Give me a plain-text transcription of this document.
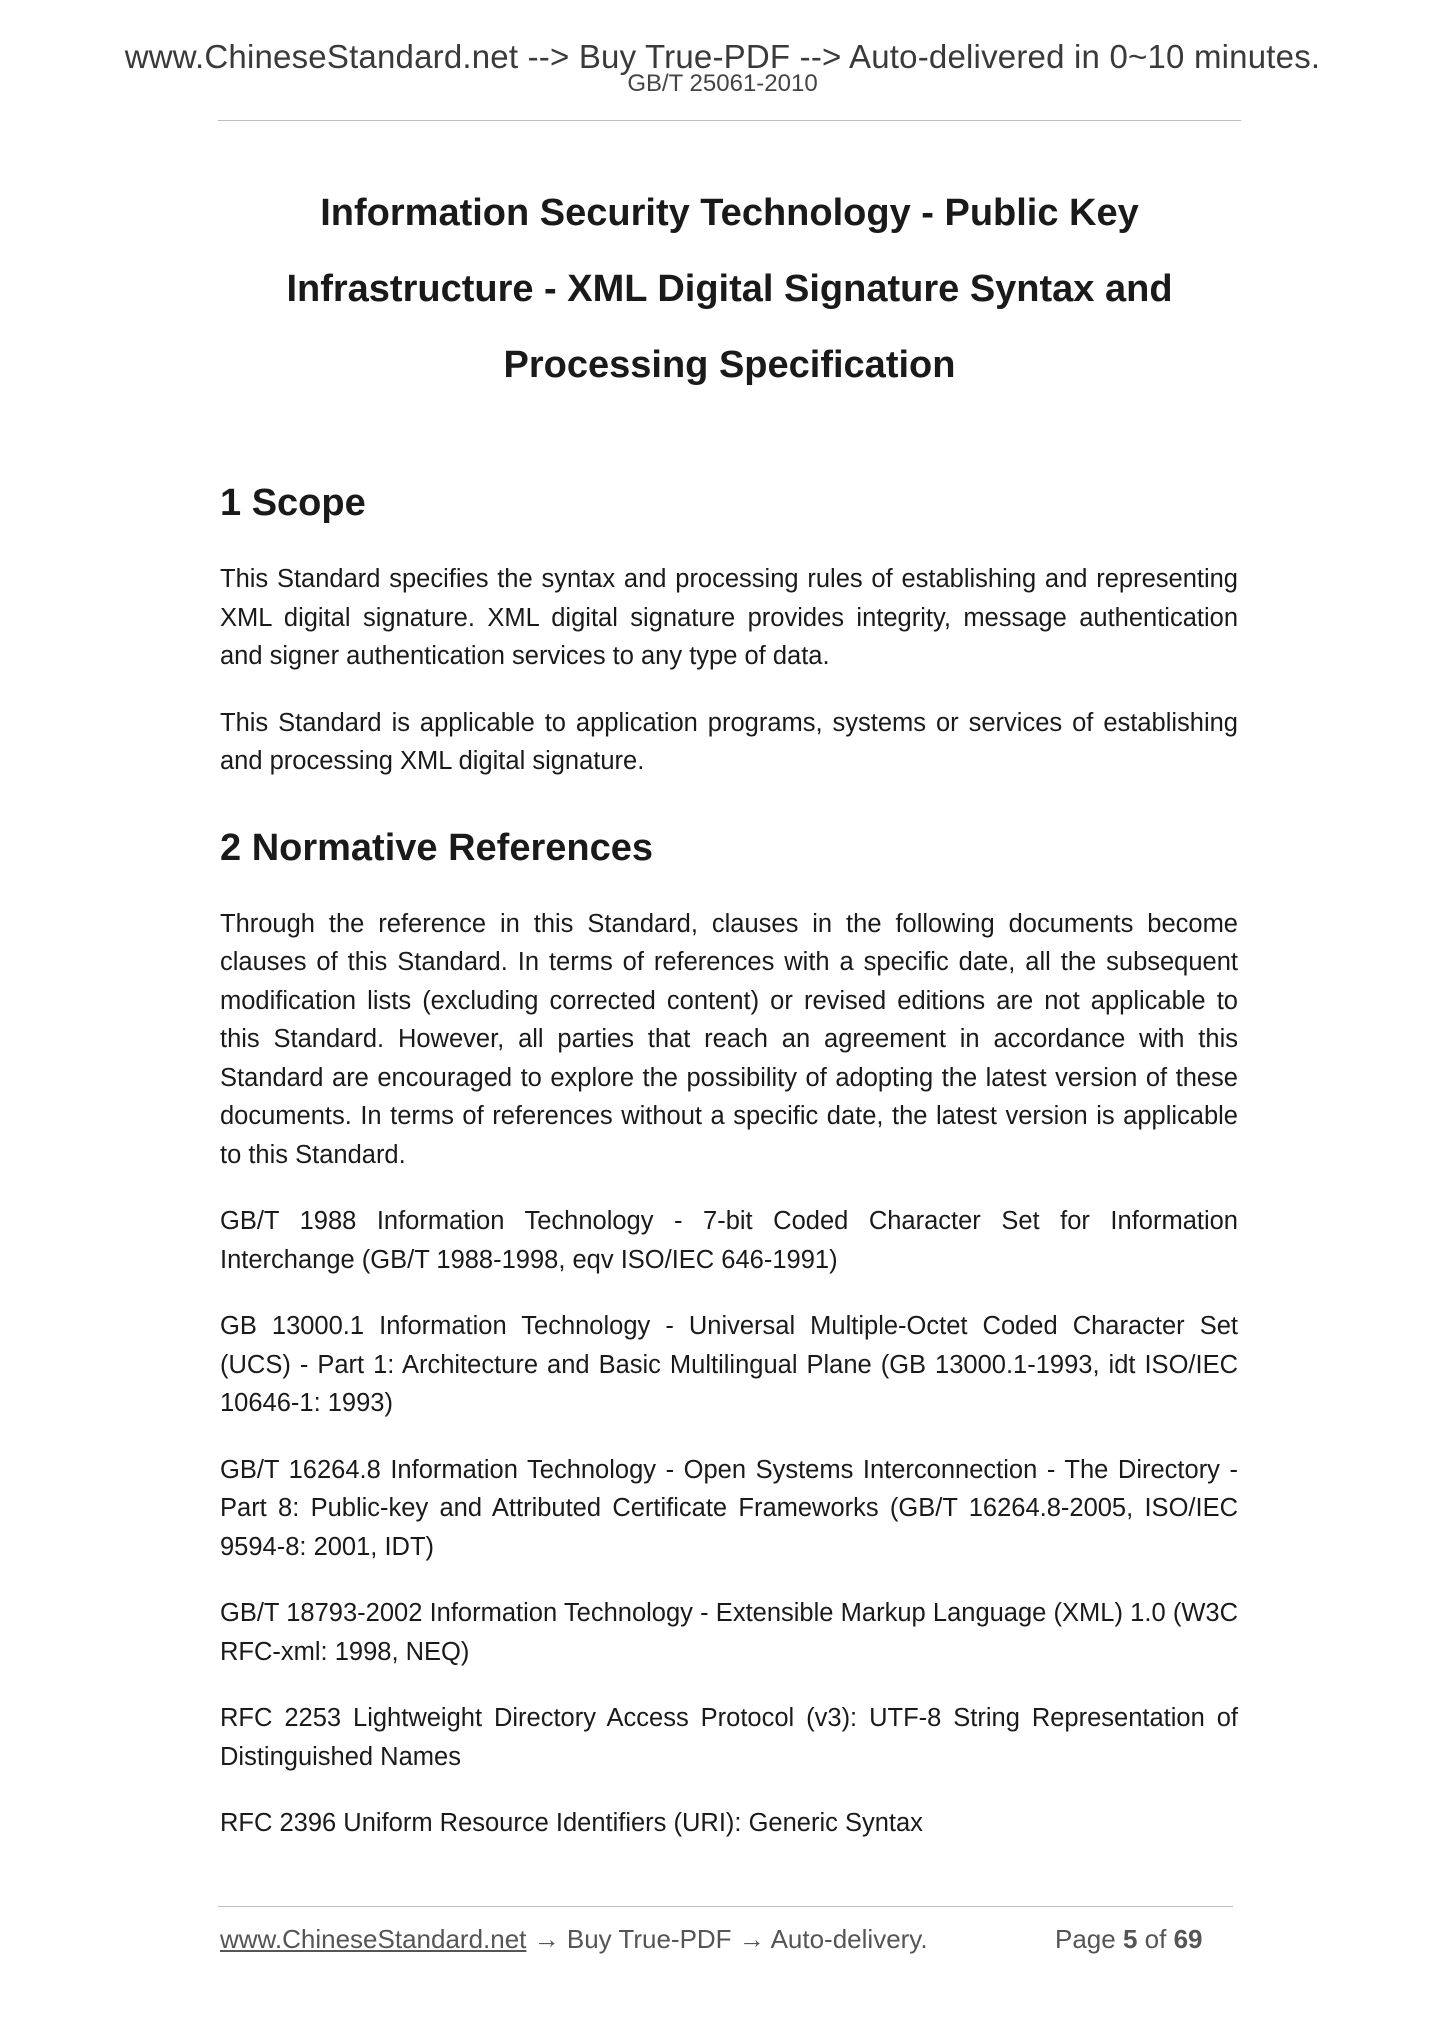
www.ChineseStandard.net --> Buy True-PDF --> Auto-delivered in 0~10 minutes.
GB/T 25061-2010
Information Security Technology - Public Key
Infrastructure - XML Digital Signature Syntax and
Processing Specification
1 Scope

This Standard specifies the syntax and processing rules of establishing and representing XML digital signature. XML digital signature provides integrity, message authentication and signer authentication services to any type of data.

This Standard is applicable to application programs, systems or services of establishing and processing XML digital signature.

2 Normative References

Through the reference in this Standard, clauses in the following documents become clauses of this Standard. In terms of references with a specific date, all the subsequent modification lists (excluding corrected content) or revised editions are not applicable to this Standard. However, all parties that reach an agreement in accordance with this Standard are encouraged to explore the possibility of adopting the latest version of these documents. In terms of references without a specific date, the latest version is applicable to this Standard.

GB/T 1988 Information Technology - 7-bit Coded Character Set for Information Interchange (GB/T 1988-1998, eqv ISO/IEC 646-1991)

GB 13000.1 Information Technology - Universal Multiple-Octet Coded Character Set (UCS) - Part 1: Architecture and Basic Multilingual Plane (GB 13000.1-1993, idt ISO/IEC 10646-1: 1993)

GB/T 16264.8 Information Technology - Open Systems Interconnection - The Directory - Part 8: Public-key and Attributed Certificate Frameworks (GB/T 16264.8-2005, ISO/IEC 9594-8: 2001, IDT)

GB/T 18793-2002 Information Technology - Extensible Markup Language (XML) 1.0 (W3C RFC-xml: 1998, NEQ)

RFC 2253 Lightweight Directory Access Protocol (v3): UTF-8 String Representation of Distinguished Names

RFC 2396 Uniform Resource Identifiers (URI): Generic Syntax

www.ChineseStandard.net → Buy True-PDF → Auto-delivery.	Page 5 of 69
